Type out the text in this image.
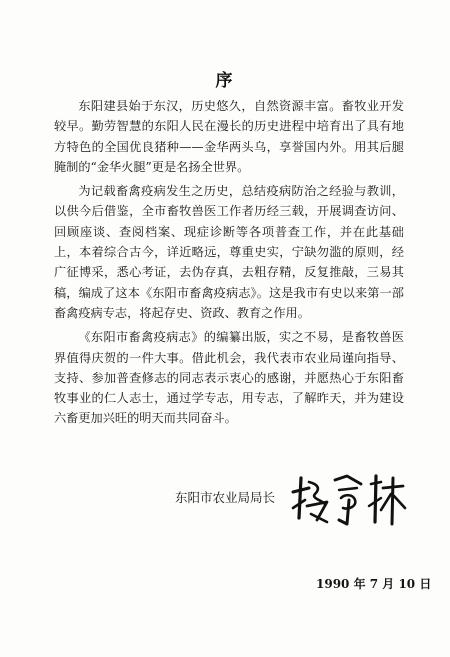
序

东阳建县始于东汉，历史悠久，自然资源丰富。畜牧业开发较早。勤劳智慧的东阳人民在漫长的历史进程中培育出了具有地方特色的全国优良猪种——金华两头乌，享誉国内外。用其后腿腌制的“金华火腿”更是名扬全世界。

为记载畜禽疫病发生之历史，总结疫病防治之经验与教训，以供今后借鉴，全市畜牧兽医工作者历经三载，开展调查访问、回顾座谈、查阅档案、现症诊断等各项普查工作，并在此基础上，本着综合古今，详近略远，尊重史实，宁缺勿滥的原则，经广征博采，悉心考证，去伪存真，去粗存精，反复推敲，三易其稿，编成了这本《东阳市畜禽疫病志》。这是我市有史以来第一部畜禽疫病专志，将起存史、资政、教育之作用。

《东阳市畜禽疫病志》的编纂出版，实之不易，是畜牧兽医界值得庆贺的一件大事。借此机会，我代表市农业局谨向指导、支持、参加普查修志的同志表示衷心的感谢，并愿热心于东阳畜牧事业的仁人志士，通过学专志，用专志，了解昨天，并为建设六畜更加兴旺的明天而共同奋斗。

东阳市农业局局长
1990 年 7 月 10 日
